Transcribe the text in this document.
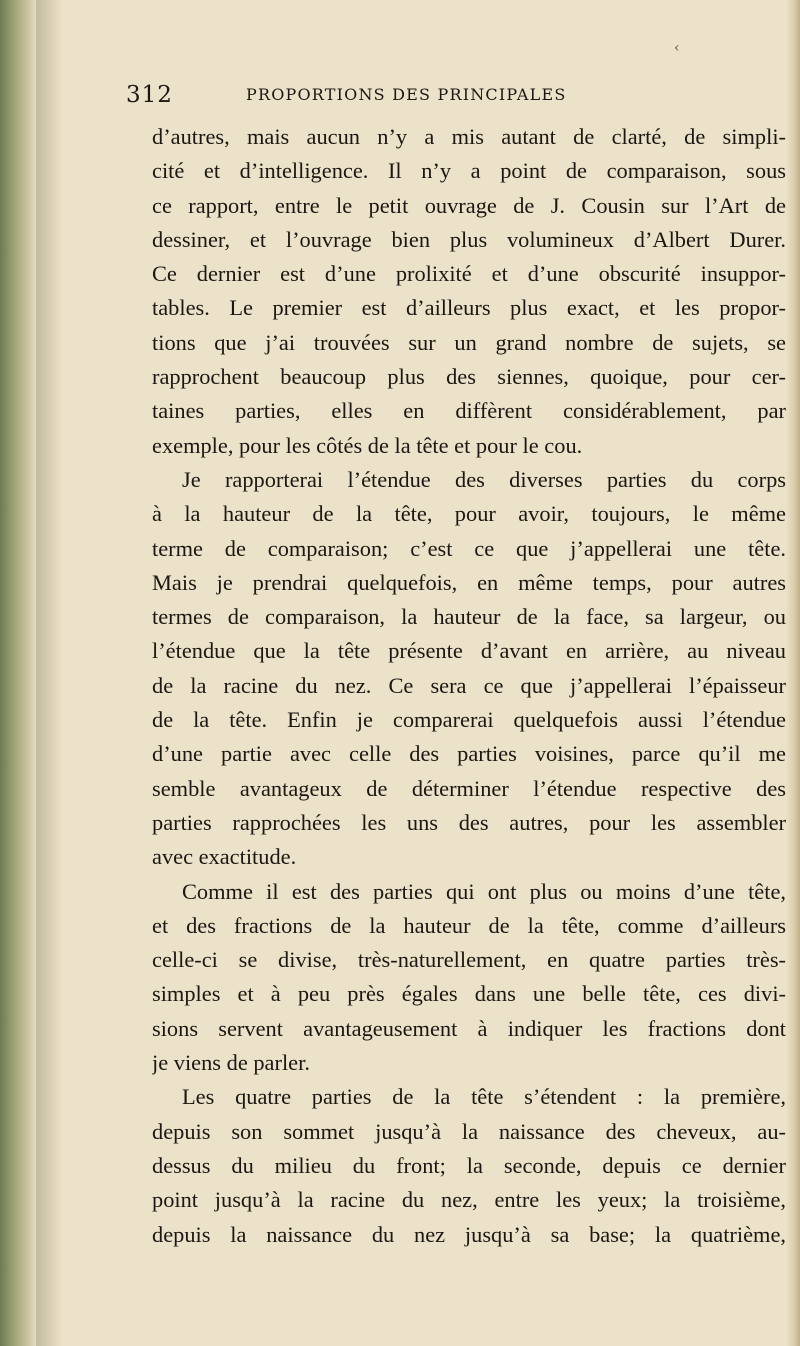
‹
312	PROPORTIONS DES PRINCIPALES
d’autres, mais aucun n’y a mis autant de clarté, de simpli-
cité et d’intelligence. Il n’y a point de comparaison, sous
ce rapport, entre le petit ouvrage de J. Cousin sur l’Art de
dessiner, et l’ouvrage bien plus volumineux d’Albert Durer.
Ce dernier est d’une prolixité et d’une obscurité insuppor-
tables. Le premier est d’ailleurs plus exact, et les propor-
tions que j’ai trouvées sur un grand nombre de sujets, se
rapprochent beaucoup plus des siennes, quoique, pour cer-
taines parties, elles en diffèrent considérablement, par
exemple, pour les côtés de la tête et pour le cou.
Je rapporterai l’étendue des diverses parties du corps
à la hauteur de la tête, pour avoir, toujours, le même
terme de comparaison; c’est ce que j’appellerai une tête.
Mais je prendrai quelquefois, en même temps, pour autres
termes de comparaison, la hauteur de la face, sa largeur, ou
l’étendue que la tête présente d’avant en arrière, au niveau
de la racine du nez. Ce sera ce que j’appellerai l’épaisseur
de la tête. Enfin je comparerai quelquefois aussi l’étendue
d’une partie avec celle des parties voisines, parce qu’il me
semble avantageux de déterminer l’étendue respective des
parties rapprochées les uns des autres, pour les assembler
avec exactitude.
Comme il est des parties qui ont plus ou moins d’une tête,
et des fractions de la hauteur de la tête, comme d’ailleurs
celle-ci se divise, très-naturellement, en quatre parties très-
simples et à peu près égales dans une belle tête, ces divi-
sions servent avantageusement à indiquer les fractions dont
je viens de parler.
Les quatre parties de la tête s’étendent : la première,
depuis son sommet jusqu’à la naissance des cheveux, au-
dessus du milieu du front; la seconde, depuis ce dernier
point jusqu’à la racine du nez, entre les yeux; la troisième,
depuis la naissance du nez jusqu’à sa base; la quatrième,
